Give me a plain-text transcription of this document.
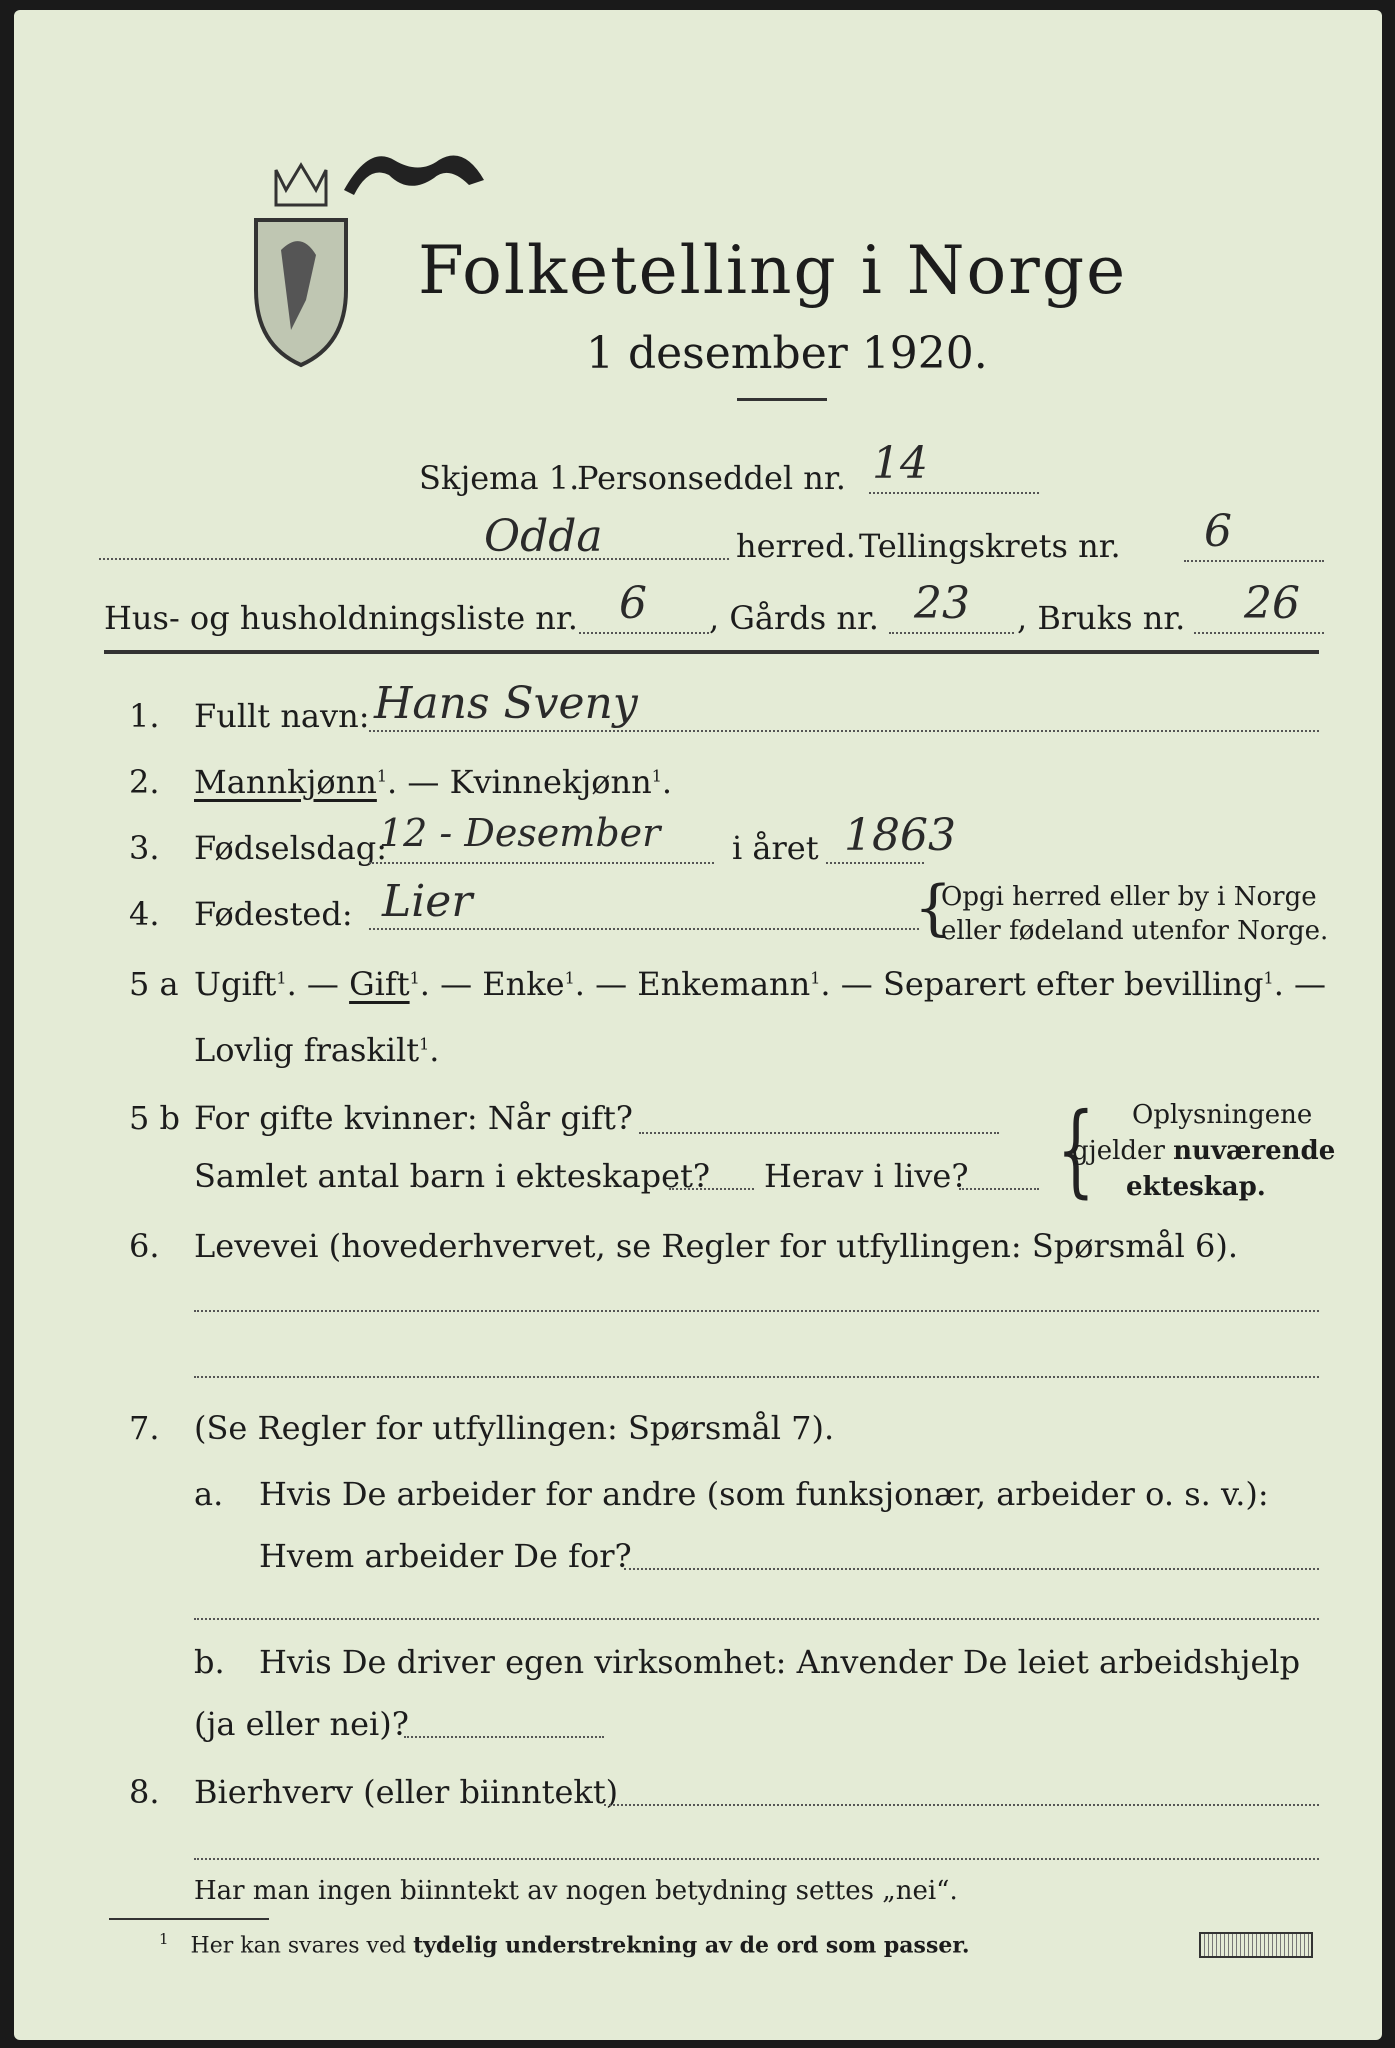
Folketelling i Norge
1 desember 1920.
Skjema 1.
Personseddel nr. 14
Odda	herred. Tellingskrets nr. 6
Hus- og husholdningsliste nr. 6 , Gårds nr. 23 , Bruks nr. 26
1. Fullt navn: Hans Sveny
2. Mannkjønn$^1$. — Kvinnekjønn$^1$.
3. Fødselsdag:
12 - Desember i året 1863
4. Fødested: Lier	{
Opgi herred eller by i Norge
eller fødeland utenfor Norge.
5 a Ugift$^1$. — Gift$^1$. — Enke$^1$. — Enkemann$^1$. — Separert efter bevilling$^1$. —
Lovlig fraskilt$^1$.
5 b For gifte kvinner: Når gift?
Samlet antal barn i ekteskapet? Herav i live? { Oplysningene
gjelder nuværende
ekteskap.
6. Levevei (hovederhvervet, se Regler for utfyllingen: Spørsmål 6).
7. (Se Regler for utfyllingen: Spørsmål 7).
a. Hvis De arbeider for andre (som funksjonær, arbeider o. s. v.):
Hvem arbeider De for?
b. Hvis De driver egen virksomhet: Anvender De leiet arbeidshjelp
(ja eller nei)?
8. Bierhverv (eller biinntekt)
Har man ingen biinntekt av nogen betydning settes „nei“.
$^1$ Her kan svares ved tydelig understrekning av de ord som passer.
